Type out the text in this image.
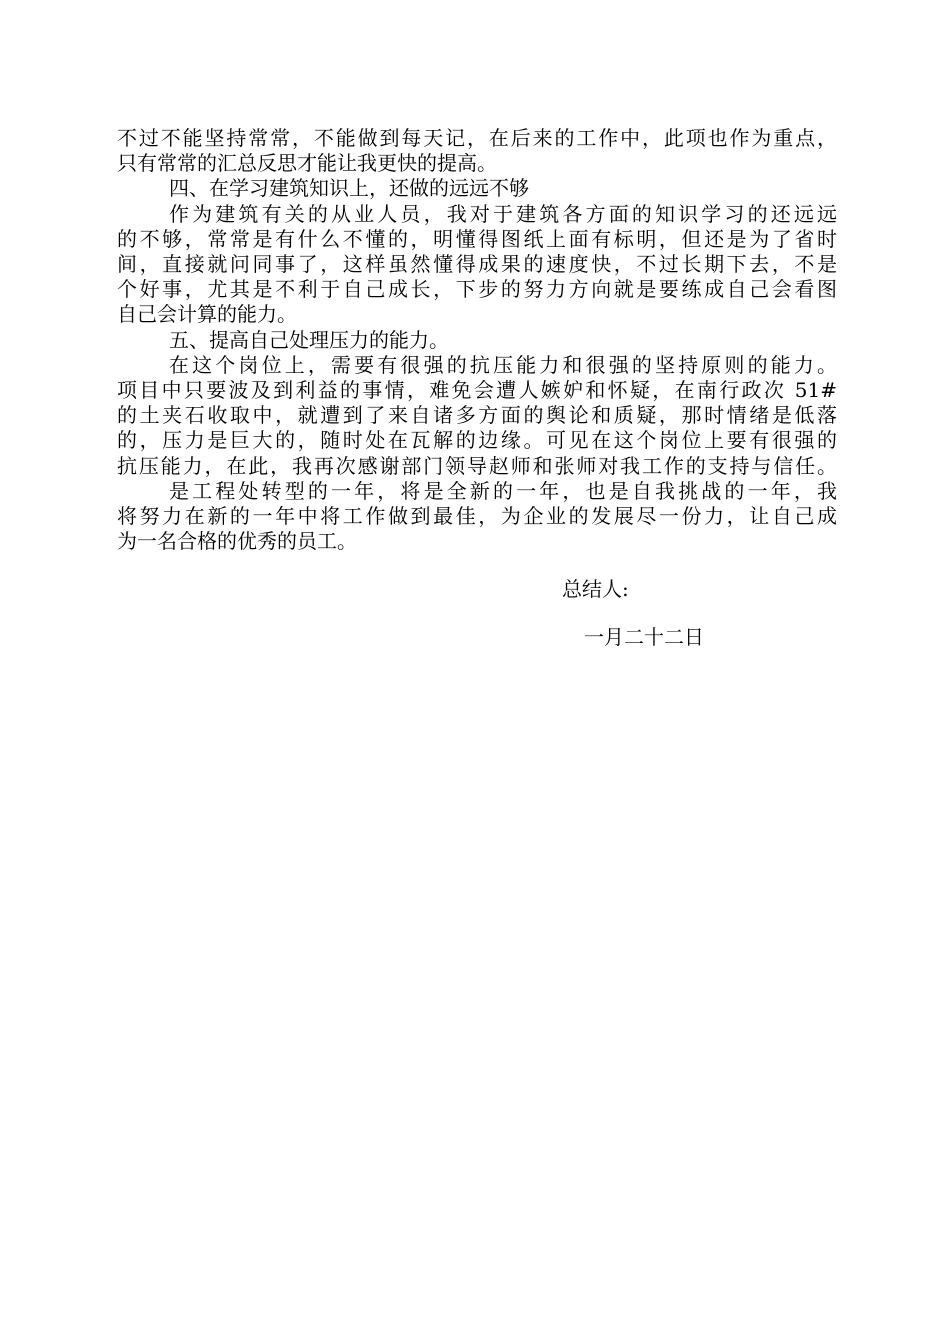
不过不能坚持常常，不能做到每天记，在后来的工作中，此项也作为重点，
只有常常的汇总反思才能让我更快的提高。
四、在学习建筑知识上，还做的远远不够
作为建筑有关的从业人员，我对于建筑各方面的知识学习的还远远
的不够，常常是有什么不懂的，明懂得图纸上面有标明，但还是为了省时
间，直接就问同事了，这样虽然懂得成果的速度快，不过长期下去，不是
个好事，尤其是不利于自己成长，下步的努力方向就是要练成自己会看图
自己会计算的能力。
五、提高自己处理压力的能力。
在这个岗位上，需要有很强的抗压能力和很强的坚持原则的能力。
项目中只要波及到利益的事情，难免会遭人嫉妒和怀疑，在南行政次 51#
的土夹石收取中，就遭到了来自诸多方面的舆论和质疑，那时情绪是低落
的，压力是巨大的，随时处在瓦解的边缘。可见在这个岗位上要有很强的
抗压能力，在此，我再次感谢部门领导赵师和张师对我工作的支持与信任。
是工程处转型的一年，将是全新的一年，也是自我挑战的一年，我
将努力在新的一年中将工作做到最佳，为企业的发展尽一份力，让自己成
为一名合格的优秀的员工。
总结人:
一月二十二日
